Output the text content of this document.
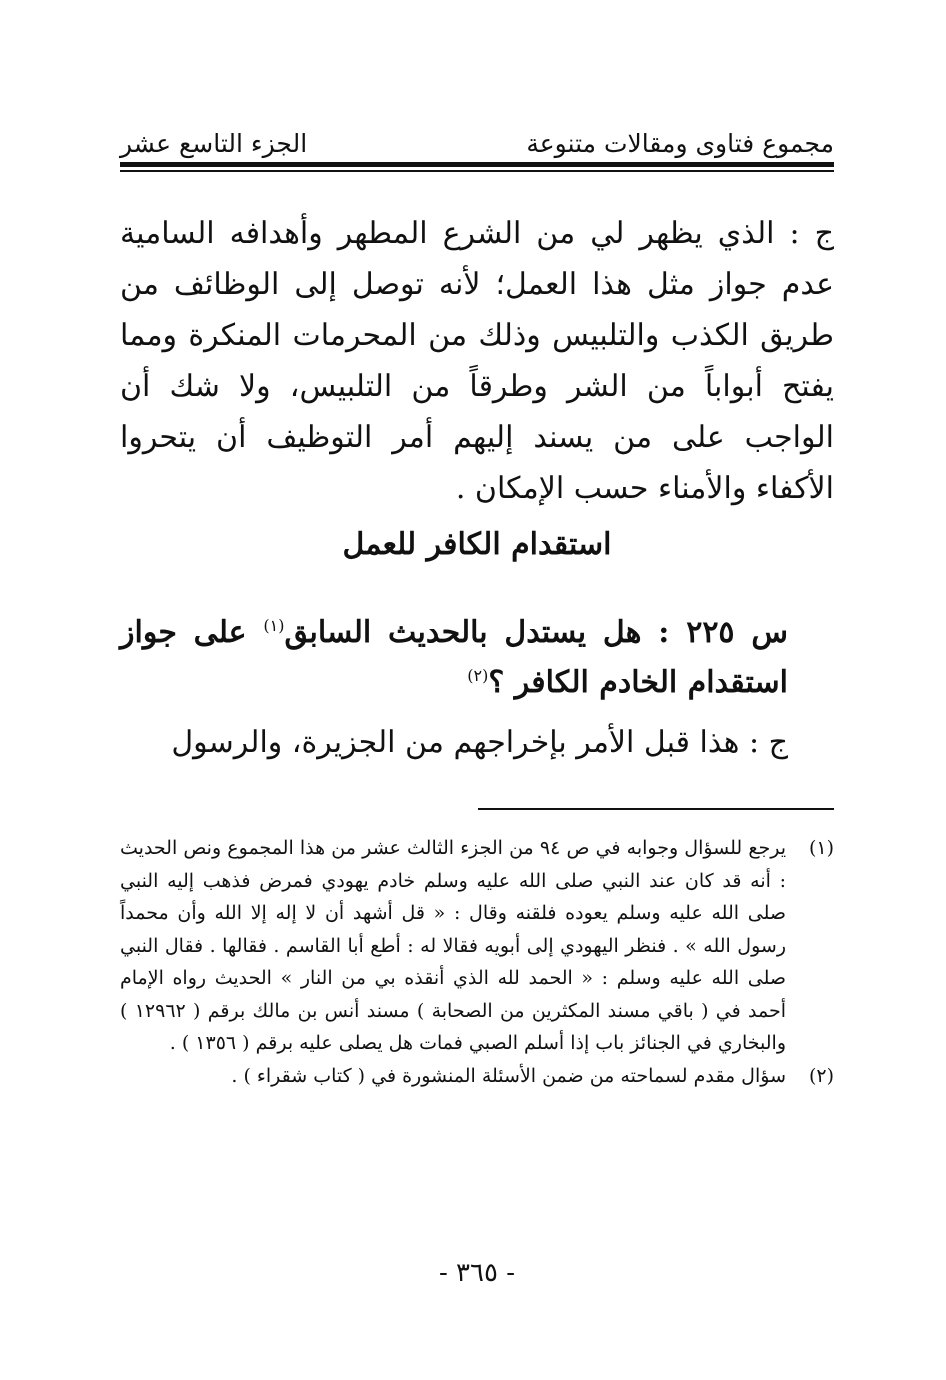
مجموع فتاوى ومقالات متنوعة
الجزء التاسع عشر
ج : الذي يظهر لي من الشرع المطهر وأهدافه السامية عدم جواز مثل هذا العمل؛ لأنه توصل إلى الوظائف من طريق الكذب والتلبيس وذلك من المحرمات المنكرة ومما يفتح أبواباً من الشر وطرقاً من التلبيس، ولا شك أن الواجب على من يسند إليهم أمر التوظيف أن يتحروا الأكفاء والأمناء حسب الإمكان .
استقدام الكافر للعمل
س ٢٢٥ : هل يستدل بالحديث السابق$^{(١)}$ على جواز استقدام الخادم الكافر ؟$^{(٢)}$
ج : هذا قبل الأمر بإخراجهم من الجزيرة، والرسول
(١)
يرجع للسؤال وجوابه في ص ٩٤ من الجزء الثالث عشر من هذا المجموع ونص الحديث : أنه قد كان عند النبي صلى الله عليه وسلم خادم يهودي فمرض فذهب إليه النبي صلى الله عليه وسلم يعوده فلقنه وقال : « قل أشهد أن لا إله إلا الله وأن محمداً رسول الله » . فنظر اليهودي إلى أبويه فقالا له : أطع أبا القاسم . فقالها . فقال النبي صلى الله عليه وسلم : « الحمد لله الذي أنقذه بي من النار » الحديث رواه الإمام أحمد في ( باقي مسند المكثرين من الصحابة ) مسند أنس بن مالك برقم ( ١٢٩٦٢ ) والبخاري في الجنائز باب إذا أسلم الصبي فمات هل يصلى عليه برقم ( ١٣٥٦ ) .
(٢)
سؤال مقدم لسماحته من ضمن الأسئلة المنشورة في ( كتاب شقراء ) .
- ٣٦٥ -
